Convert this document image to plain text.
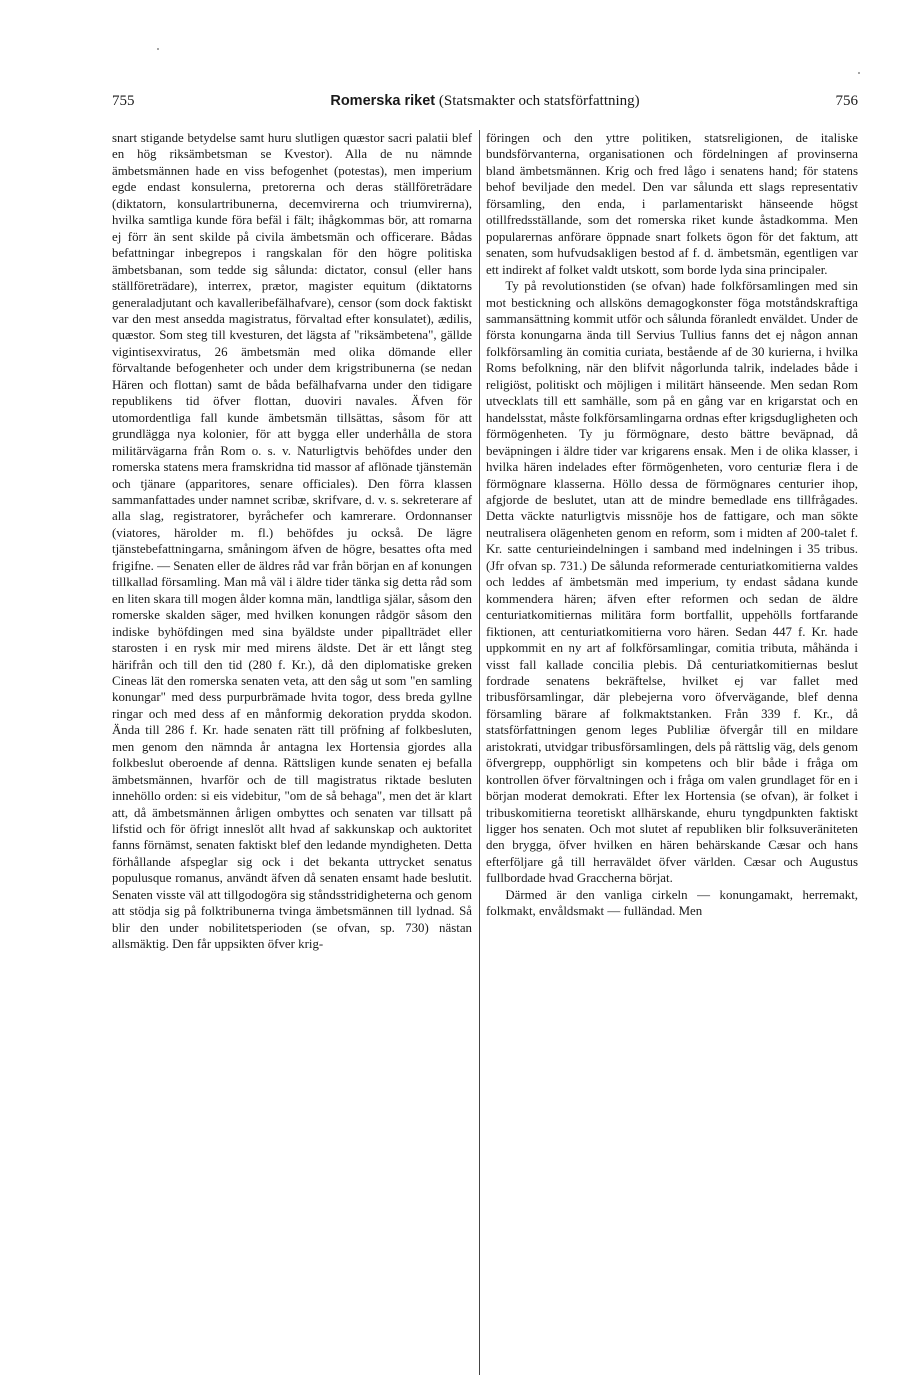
755	Romerska riket (Statsmakter och statsförfattning)	756

snart stigande betydelse samt huru slutligen quæstor sacri palatii blef en hög riksämbetsman se Kvestor). Alla de nu nämnde ämbetsmännen hade en viss befogenhet (potestas), men imperium egde endast konsulerna, pretorerna och deras ställföreträdare (diktatorn, konsulartribunerna, decemvirerna och triumvirerna), hvilka samtliga kunde föra befäl i fält; ihågkommas bör, att romarna ej förr än sent skilde på civila ämbetsmän och officerare. Bådas befattningar inbegrepos i rangskalan för den högre politiska ämbetsbanan, som tedde sig sålunda: dictator, consul (eller hans ställföreträdare), interrex, prætor, magister equitum (diktatorns generaladjutant och kavalleribefälhafvare), censor (som dock faktiskt var den mest ansedda magistratus, förvaltad efter konsulatet), ædilis, quæstor. Som steg till kvesturen, det lägsta af "riksämbetena", gällde vigintisexviratus, 26 ämbetsmän med olika dömande eller förvaltande befogenheter och under dem krigstribunerna (se nedan Hären och flottan) samt de båda befälhafvarna under den tidigare republikens tid öfver flottan, duoviri navales. Äfven för utomordentliga fall kunde ämbetsmän tillsättas, såsom för att grundlägga nya kolonier, för att bygga eller underhålla de stora militärvägarna från Rom o. s. v. Naturligtvis behöfdes under den romerska statens mera framskridna tid massor af aflönade tjänstemän och tjänare (apparitores, senare officiales). Den förra klassen sammanfattades under namnet scribæ, skrifvare, d. v. s. sekreterare af alla slag, registratorer, byråchefer och kamrerare. Ordonnanser (viatores, härolder m. fl.) behöfdes ju också. De lägre tjänstebefattningarna, småningom äfven de högre, besattes ofta med frigifne. — Senaten eller de äldres råd var från början en af konungen tillkallad församling. Man må väl i äldre tider tänka sig detta råd som en liten skara till mogen ålder komna män, landtliga själar, såsom den romerske skalden säger, med hvilken konungen rådgör såsom den indiske byhöfdingen med sina byäldste under pipallträdet eller starosten i en rysk mir med mirens äldste. Det är ett långt steg härifrån och till den tid (280 f. Kr.), då den diplomatiske greken Cineas lät den romerska senaten veta, att den såg ut som "en samling konungar" med dess purpurbrämade hvita togor, dess breda gyllne ringar och med dess af en månformig dekoration prydda skodon. Ända till 286 f. Kr. hade senaten rätt till pröfning af folkbesluten, men genom den nämnda år antagna lex Hortensia gjordes alla folkbeslut oberoende af denna. Rättsligen kunde senaten ej befalla ämbetsmännen, hvarför och de till magistratus riktade besluten innehöllo orden: si eis videbitur, "om de så behaga", men det är klart att, då ämbetsmännen årligen ombyttes och senaten var tillsatt på lifstid och för öfrigt inneslöt allt hvad af sakkunskap och auktoritet fanns förnämst, senaten faktiskt blef den ledande myndigheten. Detta förhållande afspeglar sig ock i det bekanta uttrycket senatus populusque romanus, användt äfven då senaten ensamt hade beslutit. Senaten visste väl att tillgodogöra sig ståndsstridigheterna och genom att stödja sig på folktribunerna tvinga ämbetsmännen till lydnad. Så blir den under nobilitetsperioden (se ofvan, sp. 730) nästan allsmäktig. Den får uppsikten öfver krig-

föringen och den yttre politiken, statsreligionen, de italiske bundsförvanterna, organisationen och fördelningen af provinserna bland ämbetsmännen. Krig och fred lågo i senatens hand; för statens behof beviljade den medel. Den var sålunda ett slags representativ församling, den enda, i parlamentariskt hänseende högst otillfredsställande, som det romerska riket kunde åstadkomma. Men popularernas anförare öppnade snart folkets ögon för det faktum, att senaten, som hufvudsakligen bestod af f. d. ämbetsmän, egentligen var ett indirekt af folket valdt utskott, som borde lyda sina principaler.

Ty på revolutionstiden (se ofvan) hade folkförsamlingen med sin mot bestickning och allsköns demagogkonster föga motståndskraftiga sammansättning kommit utför och sålunda föranledt enväldet. Under de första konungarna ända till Servius Tullius fanns det ej någon annan folkförsamling än comitia curiata, bestående af de 30 kurierna, i hvilka Roms befolkning, när den blifvit någorlunda talrik, indelades både i religiöst, politiskt och möjligen i militärt hänseende. Men sedan Rom utvecklats till ett samhälle, som på en gång var en krigarstat och en handelsstat, måste folkförsamlingarna ordnas efter krigsdugligheten och förmögenheten. Ty ju förmögnare, desto bättre beväpnad, då beväpningen i äldre tider var krigarens ensak. Men i de olika klasser, i hvilka hären indelades efter förmögenheten, voro centuriæ flera i de förmögnare klasserna. Höllo dessa de förmögnares centurier ihop, afgjorde de beslutet, utan att de mindre bemedlade ens tillfrågades. Detta väckte naturligtvis missnöje hos de fattigare, och man sökte neutralisera olägenheten genom en reform, som i midten af 200-talet f. Kr. satte centurieindelningen i samband med indelningen i 35 tribus. (Jfr ofvan sp. 731.) De sålunda reformerade centuriatkomitierna valdes och leddes af ämbetsmän med imperium, ty endast sådana kunde kommendera hären; äfven efter reformen och sedan de äldre centuriatkomitiernas militära form bortfallit, uppehölls fortfarande fiktionen, att centuriatkomitierna voro hären. Sedan 447 f. Kr. hade uppkommit en ny art af folkförsamlingar, comitia tributa, måhända i visst fall kallade concilia plebis. Då centuriatkomitiernas beslut fordrade senatens bekräftelse, hvilket ej var fallet med tribusförsamlingar, där plebejerna voro öfvervägande, blef denna församling bärare af folkmaktstanken. Från 339 f. Kr., då statsförfattningen genom leges Publiliæ öfvergår till en mildare aristokrati, utvidgar tribusförsamlingen, dels på rättslig väg, dels genom öfvergrepp, oupphörligt sin kompetens och blir både i fråga om kontrollen öfver förvaltningen och i fråga om valen grundlaget för en i början moderat demokrati. Efter lex Hortensia (se ofvan), är folket i tribuskomitierna teoretiskt allhärskande, ehuru tyngdpunkten faktiskt ligger hos senaten. Och mot slutet af republiken blir folksuveräniteten den brygga, öfver hvilken en hären behärskande Cæsar och hans efterföljare gå till herraväldet öfver världen. Cæsar och Augustus fullbordade hvad Graccherna börjat.

Därmed är den vanliga cirkeln — konungamakt, herremakt, folkmakt, envåldsmakt — fulländad. Men
